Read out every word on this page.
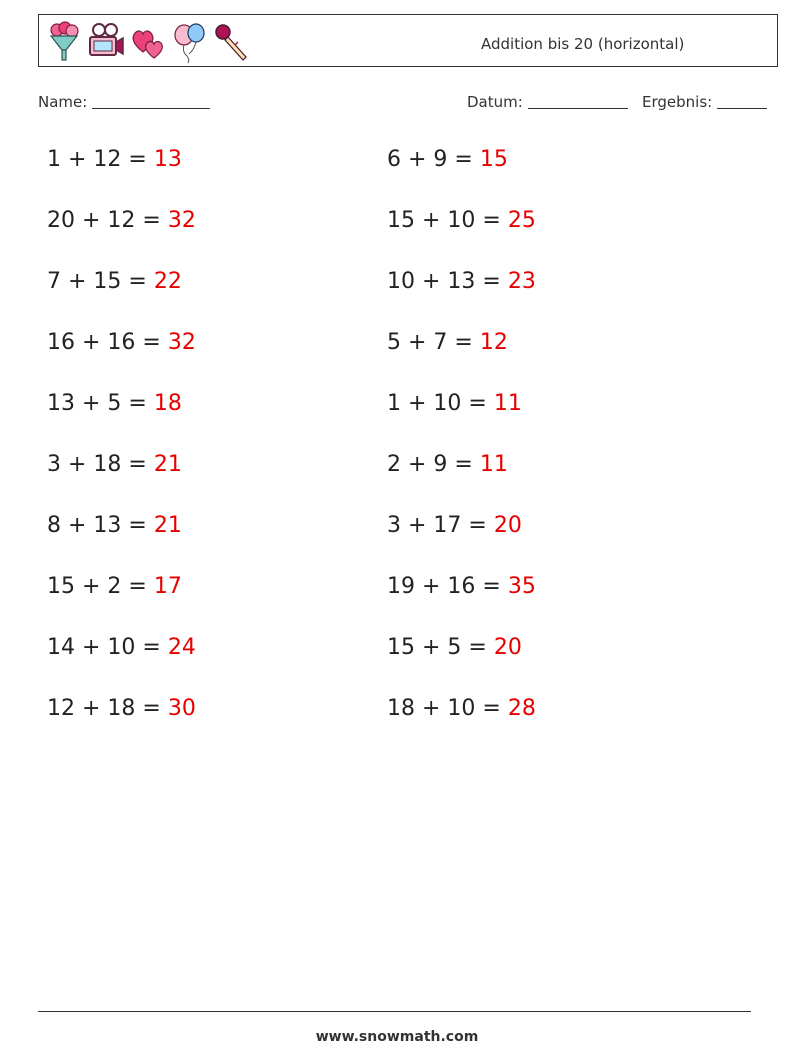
Addition bis 20 (horizontal)
Name:	Datum:	Ergebnis:
1 + 12 = 13	6 + 9 = 15
20 + 12 = 32	15 + 10 = 25
7 + 15 = 22	10 + 13 = 23
16 + 16 = 32	5 + 7 = 12
13 + 5 = 18	1 + 10 = 11
3 + 18 = 21	2 + 9 = 11
8 + 13 = 21	3 + 17 = 20
15 + 2 = 17	19 + 16 = 35
14 + 10 = 24	15 + 5 = 20
12 + 18 = 30	18 + 10 = 28
www.snowmath.com
